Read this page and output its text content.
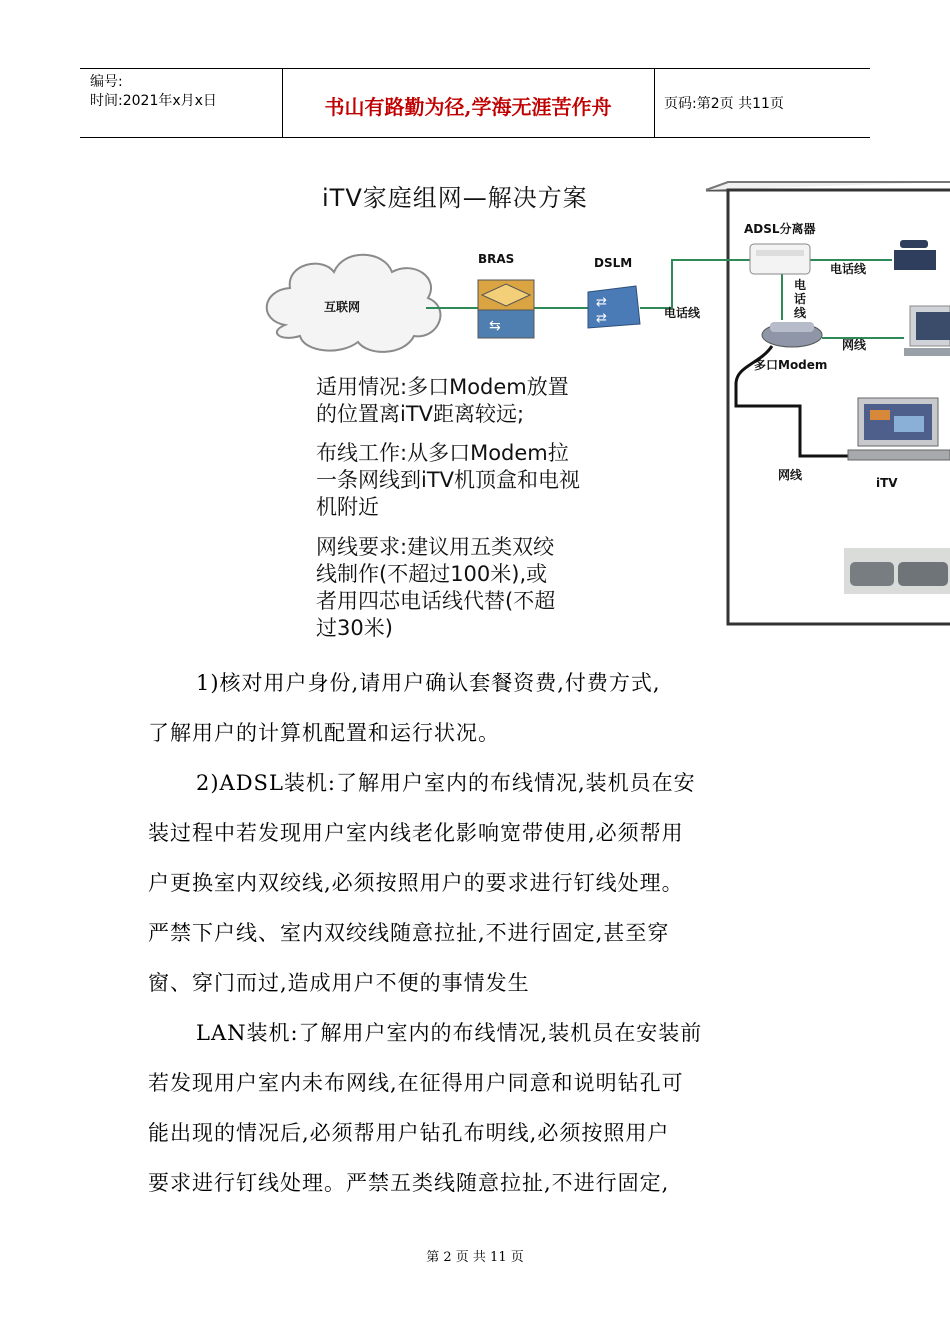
编号:
时间:2021年x月x日	书山有路勤为径,学海无涯苦作舟	页码:第2页 共11页
⇆
⇄
⇄
iTV家庭组网—解决方案
互联网
BRAS	DSLM
电话线
ADSL分离器
电话线
电话线
多口Modem
网线
网线
iTV
适用情况:多口Modem放置
的位置离iTV距离较远;
布线工作:从多口Modem拉
一条网线到iTV机顶盒和电视
机附近
网线要求:建议用五类双绞
线制作(不超过100米),或
者用四芯电话线代替(不超
过30米)
1)核对用户身份,请用户确认套餐资费,付费方式,
了解用户的计算机配置和运行状况。
2)ADSL装机:了解用户室内的布线情况,装机员在安
装过程中若发现用户室内线老化影响宽带使用,必须帮用
户更换室内双绞线,必须按照用户的要求进行钉线处理。
严禁下户线、室内双绞线随意拉扯,不进行固定,甚至穿
窗、穿门而过,造成用户不便的事情发生
LAN装机:了解用户室内的布线情况,装机员在安装前
若发现用户室内未布网线,在征得用户同意和说明钻孔可
能出现的情况后,必须帮用户钻孔布明线,必须按照用户
要求进行钉线处理。严禁五类线随意拉扯,不进行固定,
第 2 页 共 11 页
